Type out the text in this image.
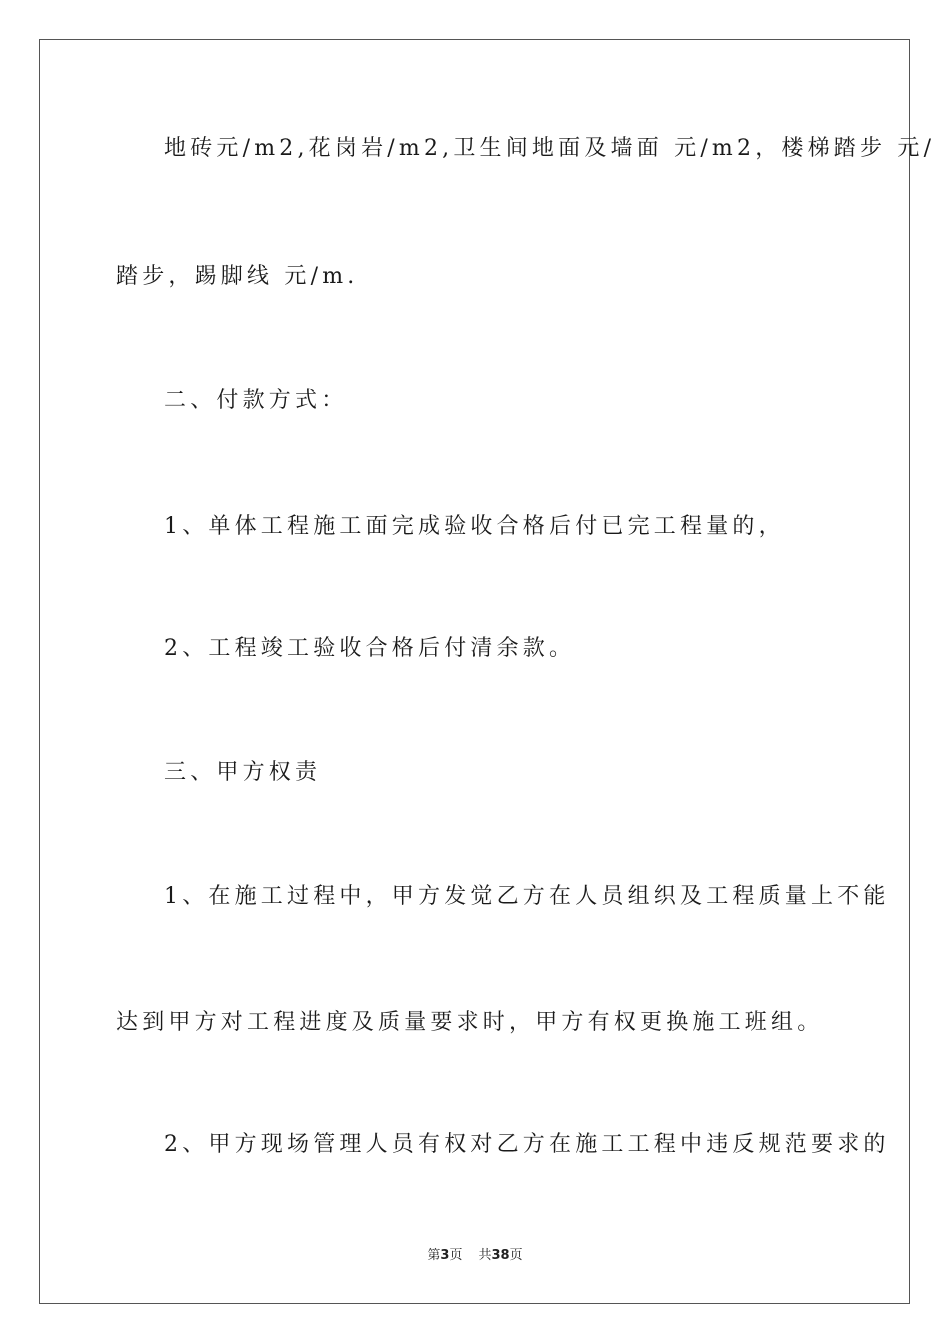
地砖元/m2,花岗岩/m2,卫生间地面及墙面 元/m2，楼梯踏步 元/
踏步，踢脚线 元/m.
二、付款方式：
1、单体工程施工面完成验收合格后付已完工程量的，
2、工程竣工验收合格后付清余款。
三、甲方权责
1、在施工过程中，甲方发觉乙方在人员组织及工程质量上不能
达到甲方对工程进度及质量要求时，甲方有权更换施工班组。
2、甲方现场管理人员有权对乙方在施工工程中违反规范要求的
第3页 共38页
